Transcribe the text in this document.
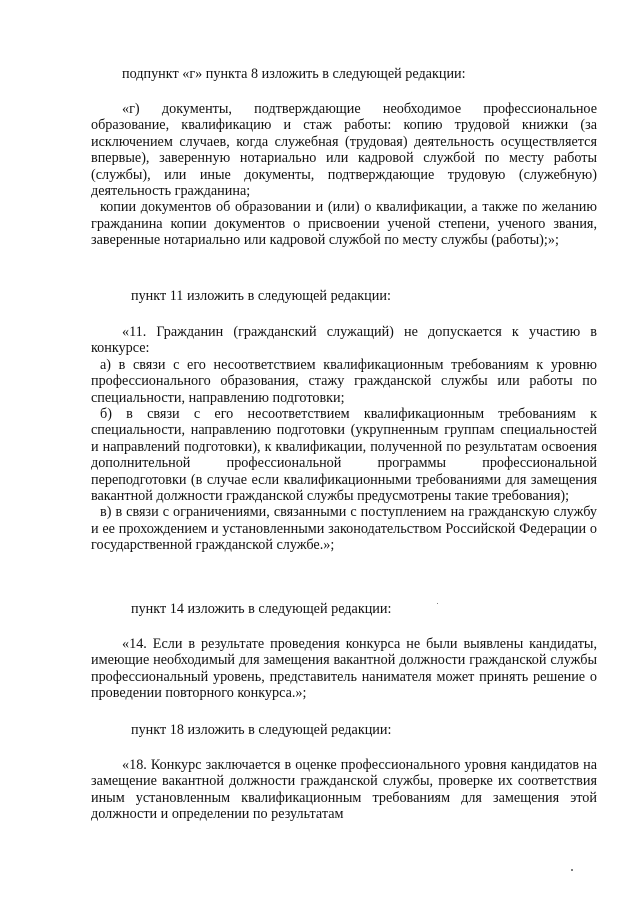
подпункт «г» пункта 8 изложить в следующей редакции:

«г) документы, подтверждающие необходимое профессиональное образование, квалификацию и стаж работы: копию трудовой книжки (за исключением случаев, когда служебная (трудовая) деятельность осуществляется впервые), заверенную нотариально или кадровой службой по месту работы (службы), или иные документы, подтверждающие трудовую (служебную) деятельность гражданина;

копии документов об образовании и (или) о квалификации, а также по желанию гражданина копии документов о присвоении ученой степени, ученого звания, заверенные нотариально или кадровой службой по месту службы (работы);»;

пункт 11 изложить в следующей редакции:

«11. Гражданин (гражданский служащий) не допускается к участию в конкурсе:

а) в связи с его несоответствием квалификационным требованиям к уровню профессионального образования, стажу гражданской службы или работы по специальности, направлению подготовки;

б) в связи с его несоответствием квалификационным требованиям к специальности, направлению подготовки (укрупненным группам специальностей и направлений подготовки), к квалификации, полученной по результатам освоения дополнительной профессиональной программы профессиональной переподготовки (в случае если квалификационными требованиями для замещения вакантной должности гражданской службы предусмотрены такие требования);

в) в связи с ограничениями, связанными с поступлением на гражданскую службу и ее прохождением и установленными законодательством Российской Федерации о государственной гражданской службе.»;

пункт 14 изложить в следующей редакции:

«14. Если в результате проведения конкурса не были выявлены кандидаты, имеющие необходимый для замещения вакантной должности гражданской службы профессиональный уровень, представитель нанимателя может принять решение о проведении повторного конкурса.»;

пункт 18 изложить в следующей редакции:

«18. Конкурс заключается в оценке профессионального уровня кандидатов на замещение вакантной должности гражданской службы, проверке их соответствия иным установленным квалификационным требованиям для замещения этой должности и определении по результатам
